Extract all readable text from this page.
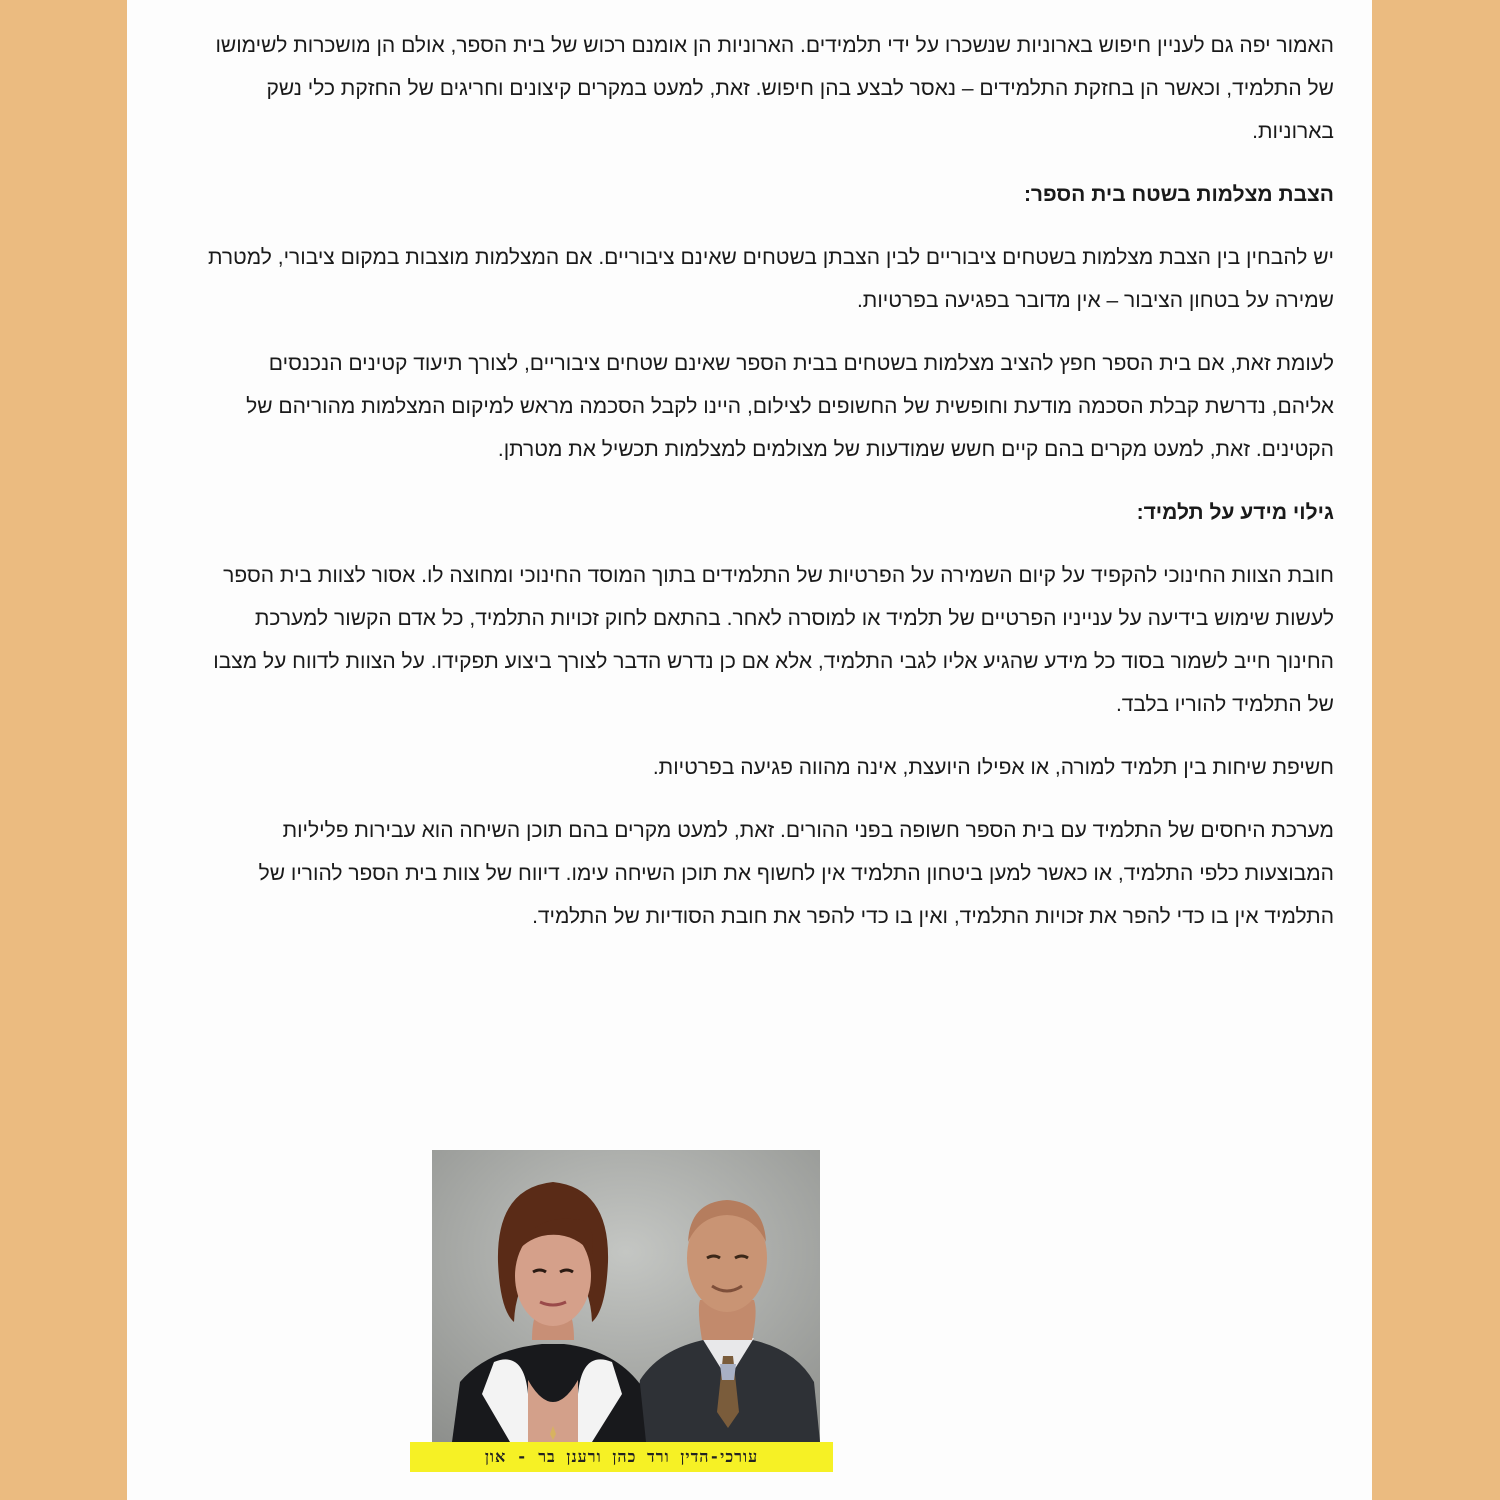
האמור יפה גם לעניין חיפוש בארוניות שנשכרו על ידי תלמידים. הארוניות הן אומנם רכוש של בית הספר, אולם הן מושכרות לשימושו של התלמיד, וכאשר הן בחזקת התלמידים – נאסר לבצע בהן חיפוש. זאת, למעט במקרים קיצונים וחריגים של החזקת כלי נשק בארוניות.

הצבת מצלמות בשטח בית הספר:

יש להבחין בין הצבת מצלמות בשטחים ציבוריים לבין הצבתן בשטחים שאינם ציבוריים. אם המצלמות מוצבות במקום ציבורי, למטרת שמירה על בטחון הציבור – אין מדובר בפגיעה בפרטיות.

לעומת זאת, אם בית הספר חפץ להציב מצלמות בשטחים בבית הספר שאינם שטחים ציבוריים, לצורך תיעוד קטינים הנכנסים אליהם, נדרשת קבלת הסכמה מודעת וחופשית של החשופים לצילום, היינו לקבל הסכמה מראש למיקום המצלמות מהוריהם של הקטינים. זאת, למעט מקרים בהם קיים חשש שמודעות של מצולמים למצלמות תכשיל את מטרתן.

גילוי מידע על תלמיד:

חובת הצוות החינוכי להקפיד על קיום השמירה על הפרטיות של התלמידים בתוך המוסד החינוכי ומחוצה לו. אסור לצוות בית הספר לעשות שימוש בידיעה על ענייניו הפרטיים של תלמיד או למוסרה לאחר. בהתאם לחוק זכויות התלמיד, כל אדם הקשור למערכת החינוך חייב לשמור בסוד כל מידע שהגיע אליו לגבי התלמיד, אלא אם כן נדרש הדבר לצורך ביצוע תפקידו. על הצוות לדווח על מצבו של התלמיד להוריו בלבד.

חשיפת שיחות בין תלמיד למורה, או אפילו היועצת, אינה מהווה פגיעה בפרטיות.

מערכת היחסים של התלמיד עם בית הספר חשופה בפני ההורים. זאת, למעט מקרים בהם תוכן השיחה הוא עבירות פליליות המבוצעות כלפי התלמיד, או כאשר למען ביטחון התלמיד אין לחשוף את תוכן השיחה עימו. דיווח של צוות בית הספר להוריו של התלמיד אין בו כדי להפר את זכויות התלמיד, ואין בו כדי להפר את חובת הסודיות של התלמיד.

עורכי-הדין ורד כהן ורענן בר - און
